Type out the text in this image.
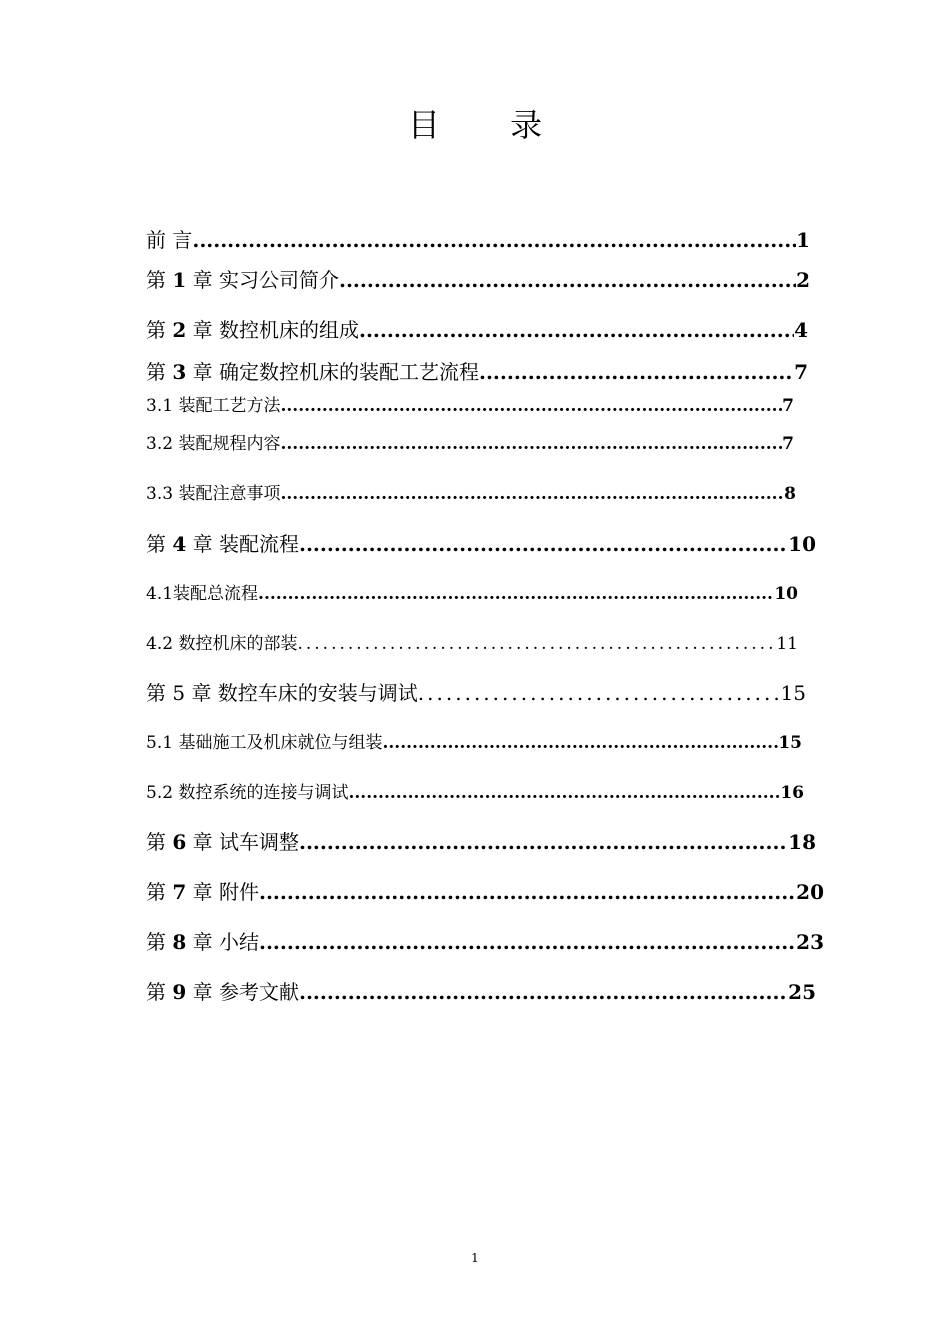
目 录
前 言 .....	1
第 1 章 实习公司简介 .....	2
第 2 章 数控机床的组成 .....	4
第 3 章 确定数控机床的装配工艺流程 .....	7
3.1 装配工艺方法 .....	7
3.2 装配规程内容 .....	7
3.3 装配注意事项 .....	8
第 4 章 装配流程 .....	10
4.1装配总流程 .....	10
4.2 数控机床的部装 .....	11
第 5 章 数控车床的安装与调试 .....	15
5.1 基础施工及机床就位与组装 .....	15
5.2 数控系统的连接与调试 .....	16
第 6 章 试车调整 .....	18
第 7 章 附件 .....	20
第 8 章 小结 .....	23
第 9 章 参考文献 .....	25
1
